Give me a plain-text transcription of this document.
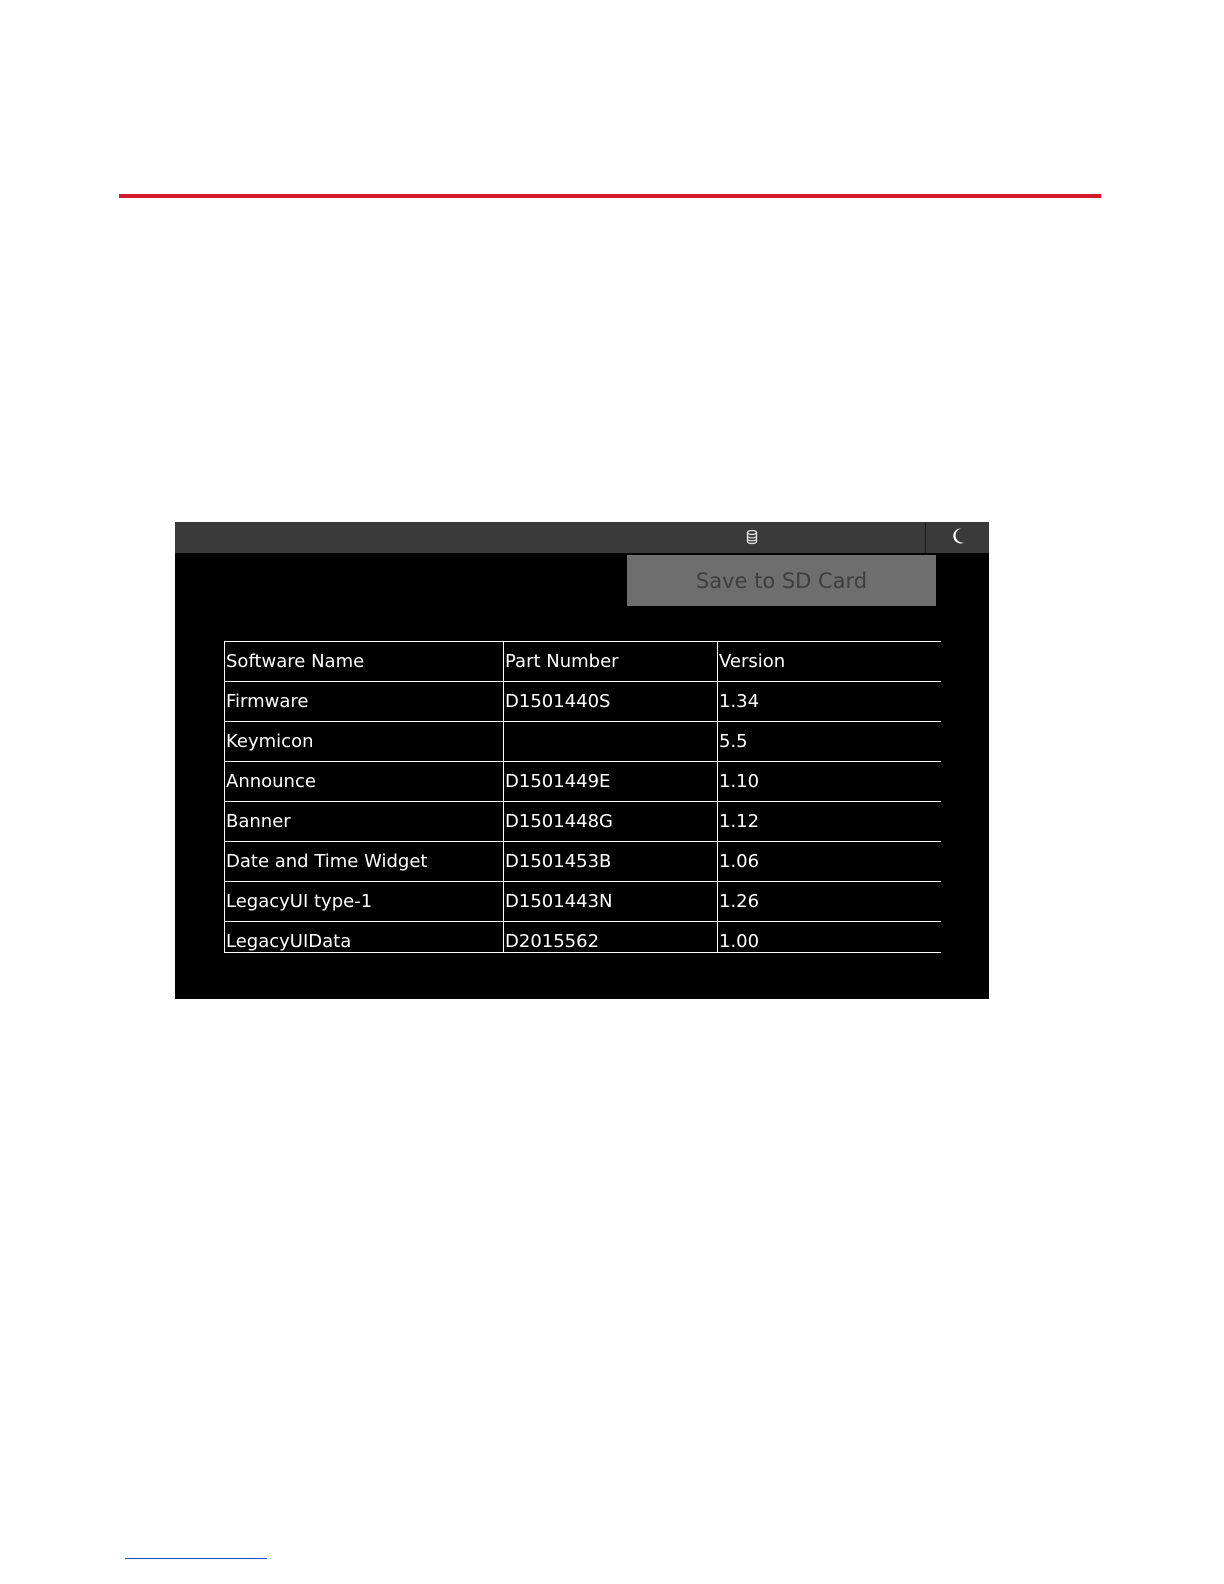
Save to SD Card
Software Name	Part Number	Version
Firmware	D1501440S	1.34
Keymicon		5.5
Announce	D1501449E	1.10
Banner	D1501448G	1.12
Date and Time Widget	D1501453B	1.06
LegacyUI type-1	D1501443N	1.26
LegacyUIData	D2015562	1.00
